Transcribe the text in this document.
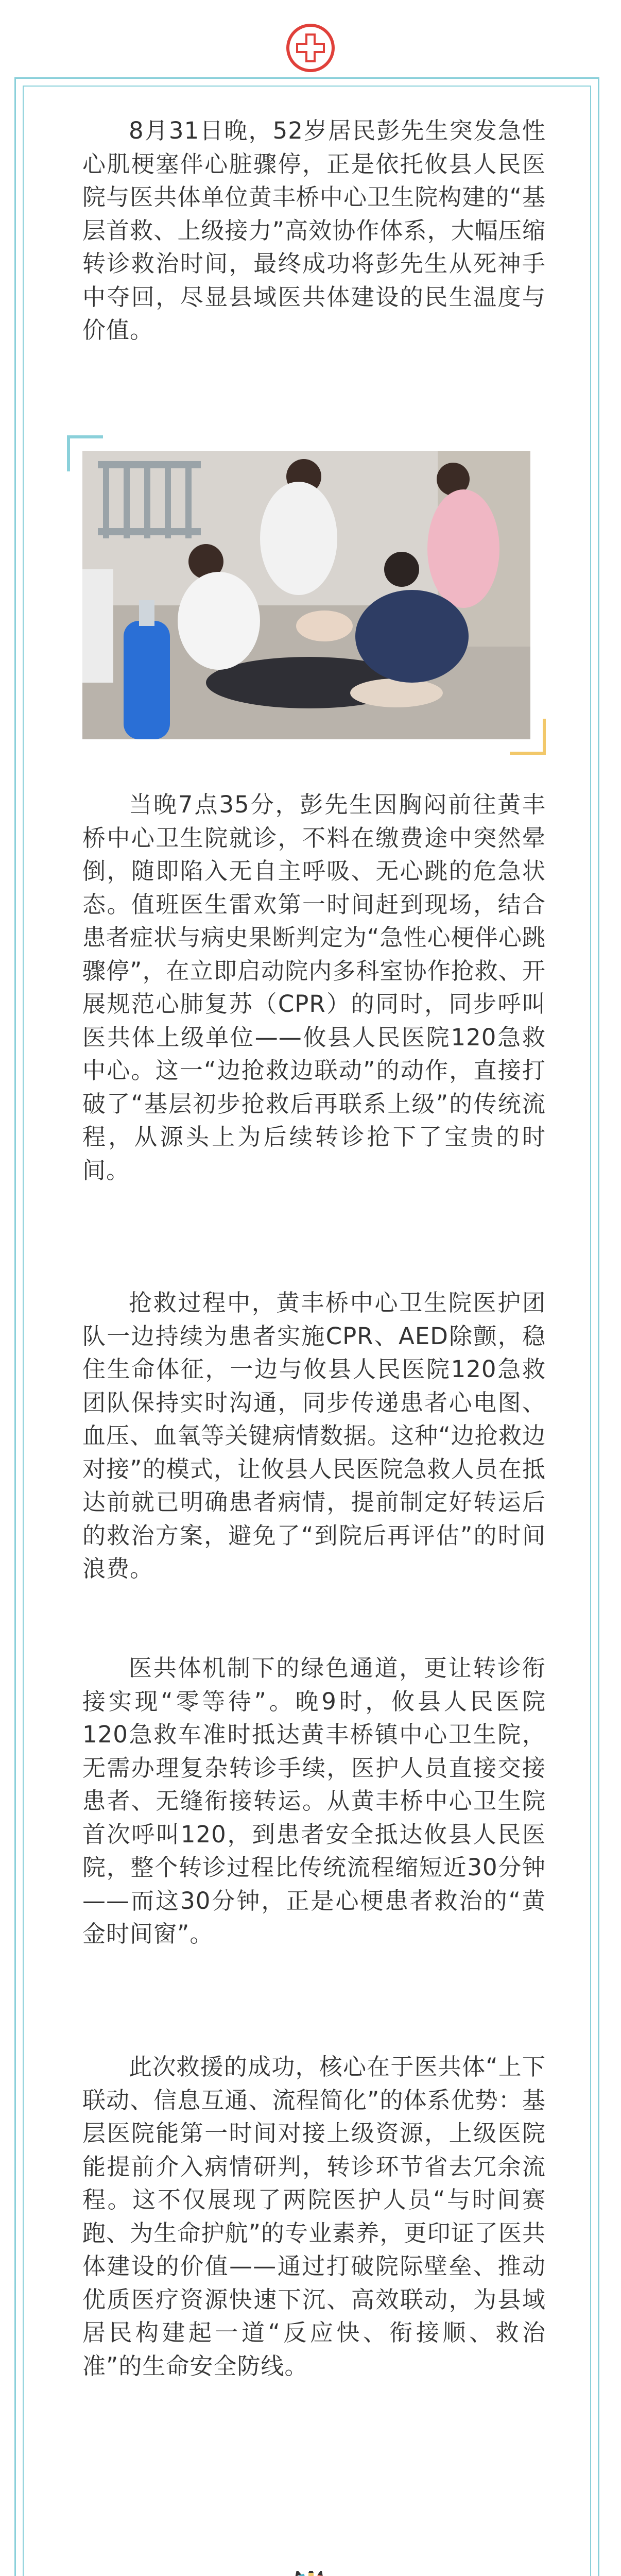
8月31日晚，52岁居民彭先生突发急性心肌梗塞伴心脏骤停，正是依托攸县人民医院与医共体单位黄丰桥中心卫生院构建的“基层首救、上级接力”高效协作体系，大幅压缩转诊救治时间，最终成功将彭先生从死神手中夺回，尽显县域医共体建设的民生温度与价值。

当晚7点35分，彭先生因胸闷前往黄丰桥中心卫生院就诊，不料在缴费途中突然晕倒，随即陷入无自主呼吸、无心跳的危急状态。值班医生雷欢第一时间赶到现场，结合患者症状与病史果断判定为“急性心梗伴心跳骤停”，在立即启动院内多科室协作抢救、开展规范心肺复苏（CPR）的同时，同步呼叫医共体上级单位——攸县人民医院120急救中心。这一“边抢救边联动”的动作，直接打破了“基层初步抢救后再联系上级”的传统流程，从源头上为后续转诊抢下了宝贵的时间。

抢救过程中，黄丰桥中心卫生院医护团队一边持续为患者实施CPR、AED除颤，稳住生命体征，一边与攸县人民医院120急救团队保持实时沟通，同步传递患者心电图、血压、血氧等关键病情数据。这种“边抢救边对接”的模式，让攸县人民医院急救人员在抵达前就已明确患者病情，提前制定好转运后的救治方案，避免了“到院后再评估”的时间浪费。

医共体机制下的绿色通道，更让转诊衔接实现“零等待”。晚9时，攸县人民医院120急救车准时抵达黄丰桥镇中心卫生院，无需办理复杂转诊手续，医护人员直接交接患者、无缝衔接转运。从黄丰桥中心卫生院首次呼叫120，到患者安全抵达攸县人民医院，整个转诊过程比传统流程缩短近30分钟——而这30分钟，正是心梗患者救治的“黄金时间窗”。

此次救援的成功，核心在于医共体“上下联动、信息互通、流程简化”的体系优势：基层医院能第一时间对接上级资源，上级医院能提前介入病情研判，转诊环节省去冗余流程。这不仅展现了两院医护人员“与时间赛跑、为生命护航”的专业素养，更印证了医共体建设的价值——通过打破院际壁垒、推动优质医疗资源快速下沉、高效联动，为县域居民构建起一道“反应快、衔接顺、救治准”的生命安全防线。
